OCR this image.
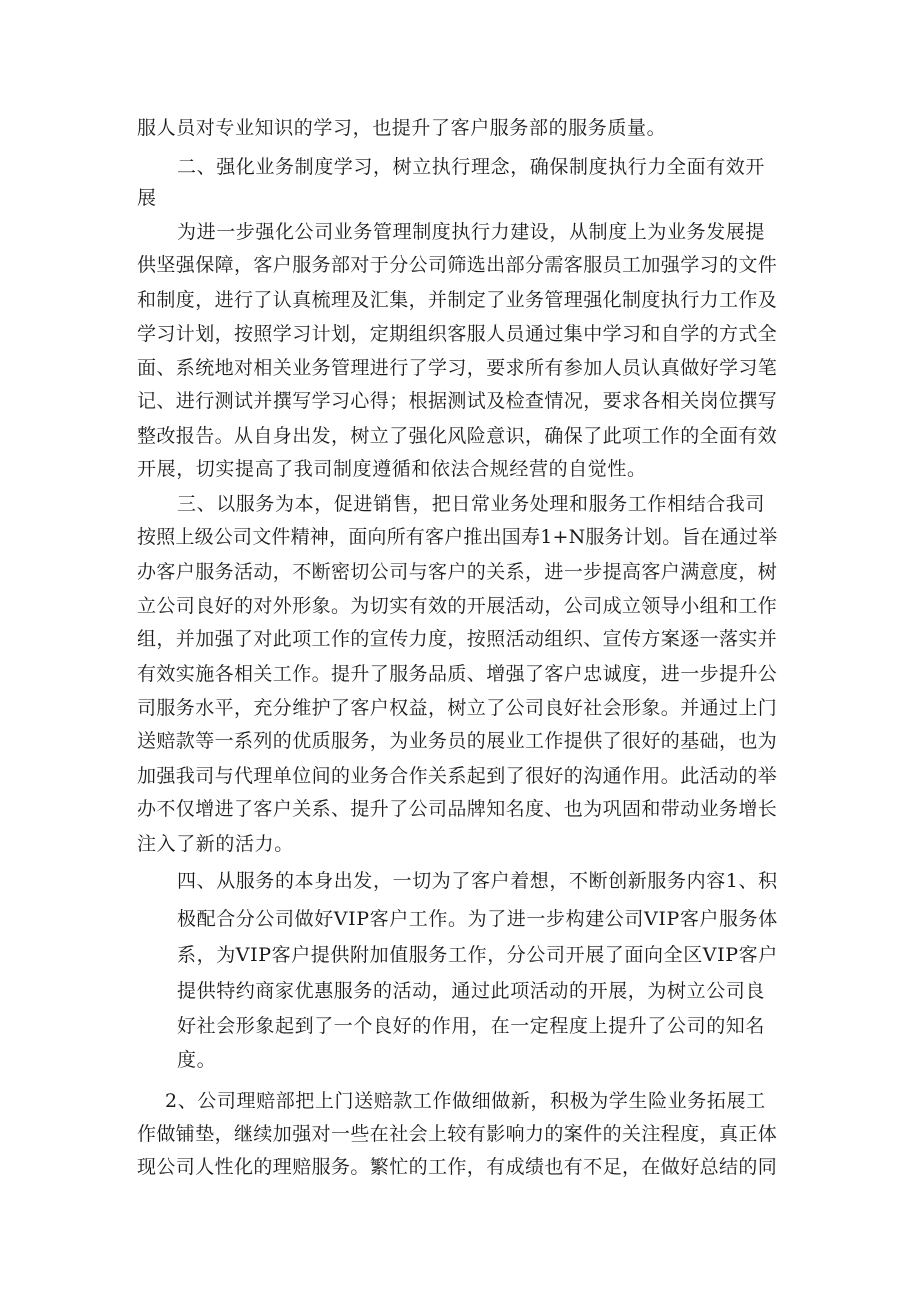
服人员对专业知识的学习，也提升了客户服务部的服务质量。

二、强化业务制度学习，树立执行理念，确保制度执行力全面有效开

展

为进一步强化公司业务管理制度执行力建设，从制度上为业务发展提

供坚强保障，客户服务部对于分公司筛选出部分需客服员工加强学习的文件

和制度，进行了认真梳理及汇集，并制定了业务管理强化制度执行力工作及

学习计划，按照学习计划，定期组织客服人员通过集中学习和自学的方式全

面、系统地对相关业务管理进行了学习，要求所有参加人员认真做好学习笔

记、进行测试并撰写学习心得；根据测试及检查情况，要求各相关岗位撰写

整改报告。从自身出发，树立了强化风险意识，确保了此项工作的全面有效

开展，切实提高了我司制度遵循和依法合规经营的自觉性。

三、以服务为本，促进销售，把日常业务处理和服务工作相结合我司

按照上级公司文件精神，面向所有客户推出国寿1+N服务计划。旨在通过举

办客户服务活动，不断密切公司与客户的关系，进一步提高客户满意度，树

立公司良好的对外形象。为切实有效的开展活动，公司成立领导小组和工作

组，并加强了对此项工作的宣传力度，按照活动组织、宣传方案逐一落实并

有效实施各相关工作。提升了服务品质、增强了客户忠诚度，进一步提升公

司服务水平，充分维护了客户权益，树立了公司良好社会形象。并通过上门

送赔款等一系列的优质服务，为业务员的展业工作提供了很好的基础，也为

加强我司与代理单位间的业务合作关系起到了很好的沟通作用。此活动的举

办不仅增进了客户关系、提升了公司品牌知名度、也为巩固和带动业务增长

注入了新的活力。

四、从服务的本身出发，一切为了客户着想，不断创新服务内容1、积

极配合分公司做好VIP客户工作。为了进一步构建公司VIP客户服务体

系，为VIP客户提供附加值服务工作，分公司开展了面向全区VIP客户

提供特约商家优惠服务的活动，通过此项活动的开展，为树立公司良

好社会形象起到了一个良好的作用，在一定程度上提升了公司的知名

度。

2、公司理赔部把上门送赔款工作做细做新，积极为学生险业务拓展工

作做铺垫，继续加强对一些在社会上较有影响力的案件的关注程度，真正体

现公司人性化的理赔服务。繁忙的工作，有成绩也有不足，在做好总结的同
